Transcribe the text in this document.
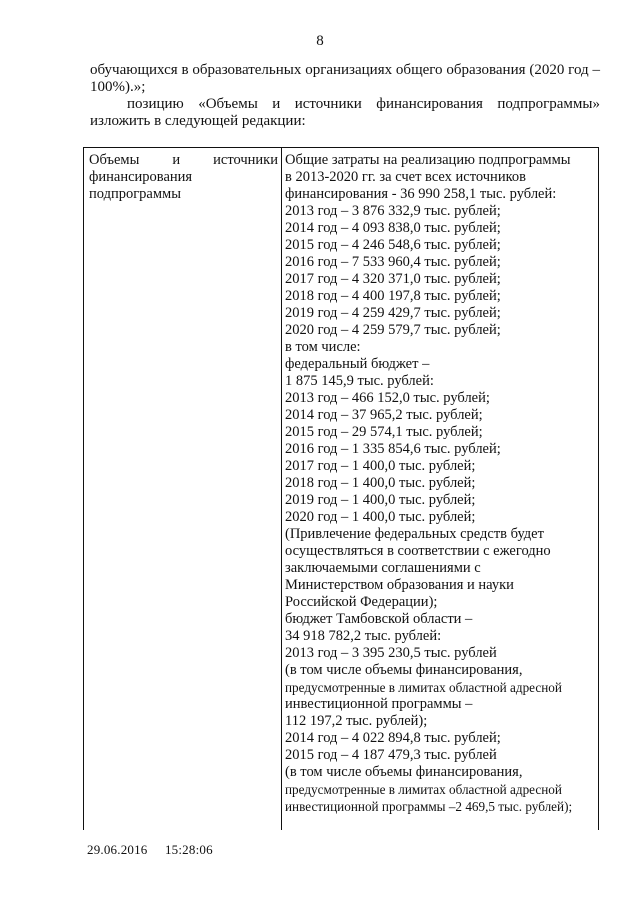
8

обучающихся в образовательных организациях общего образования (2020 год – 100%).»;

позицию «Объемы и источники финансирования подпрограммы» изложить в следующей редакции:

Объемы и источники
финансирования
подпрограммы
Общие затраты на реализацию подпрограммы
в 2013-2020 гг. за счет всех источников
финансирования - 36 990 258,1 тыс. рублей:
2013 год – 3 876 332,9 тыс. рублей;
2014 год – 4 093 838,0 тыс. рублей;
2015 год – 4 246 548,6 тыс. рублей;
2016 год – 7 533 960,4 тыс. рублей;
2017 год – 4 320 371,0 тыс. рублей;
2018 год – 4 400 197,8 тыс. рублей;
2019 год – 4 259 429,7 тыс. рублей;
2020 год – 4 259 579,7 тыс. рублей;
в том числе:
федеральный бюджет –
1 875 145,9 тыс. рублей:
2013 год – 466 152,0 тыс. рублей;
2014 год – 37 965,2 тыс. рублей;
2015 год – 29 574,1 тыс. рублей;
2016 год – 1 335 854,6 тыс. рублей;
2017 год – 1 400,0 тыс. рублей;
2018 год – 1 400,0 тыс. рублей;
2019 год – 1 400,0 тыс. рублей;
2020 год – 1 400,0 тыс. рублей;
(Привлечение федеральных средств будет
осуществляться в соответствии с ежегодно
заключаемыми соглашениями с
Министерством образования и науки
Российской Федерации);
бюджет Тамбовской области –
34 918 782,2 тыс. рублей:
2013 год – 3 395 230,5 тыс. рублей
(в том числе объемы финансирования,
предусмотренные в лимитах областной адресной
инвестиционной программы –
112 197,2 тыс. рублей);
2014 год – 4 022 894,8 тыс. рублей;
2015 год – 4 187 479,3 тыс. рублей
(в том числе объемы финансирования,
предусмотренные в лимитах областной адресной
инвестиционной программы –2 469,5 тыс. рублей);
29.06.2016 15:28:06
